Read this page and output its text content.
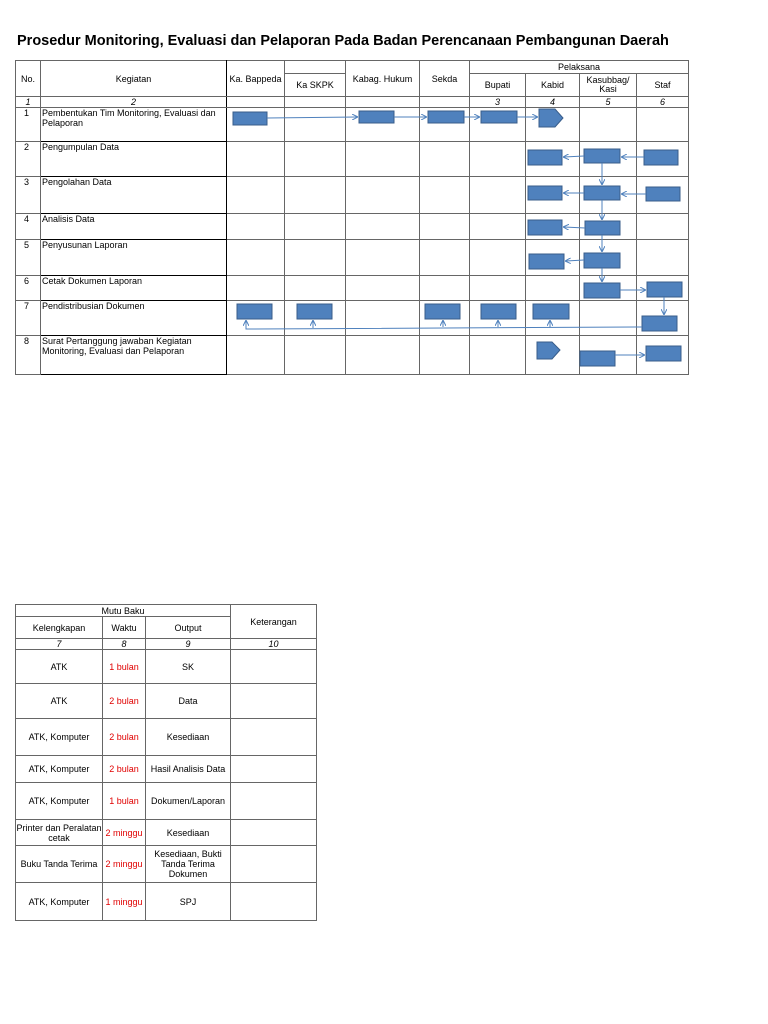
Prosedur Monitoring, Evaluasi dan Pelaporan Pada Badan Perencanaan Pembangunan Daerah
No.	Kegiatan	Ka. Bappeda		Kabag. Hukum	Sekda	Pelaksana			
			Ka SKPK			Bupati	Kabid	Kasubbag/ Kasi	Staf
1	2					3	4	5	6
1	Pembentukan Tim Monitoring, Evaluasi dan Pelaporan								
2	Pengumpulan Data								
3	Pengolahan Data								
4	Analisis Data								
5	Penyusunan Laporan								
6	Cetak Dokumen Laporan								
7	Pendistribusian Dokumen								
8	Surat Pertanggung jawaban Kegiatan Monitoring, Evaluasi dan Pelaporan								
Mutu Baku			Keterangan
Kelengkapan	Waktu	Output	
7	8	9	10
ATK	1 bulan	SK	
ATK	2 bulan	Data	
ATK, Komputer	2 bulan	Kesediaan	
ATK, Komputer	2 bulan	Hasil Analisis Data	
ATK, Komputer	1 bulan	Dokumen/Laporan	
Printer dan Peralatan cetak	2 minggu	Kesediaan	
Buku Tanda Terima	2 minggu	Kesediaan, Bukti Tanda Terima Dokumen	
ATK, Komputer	1 minggu	SPJ	
